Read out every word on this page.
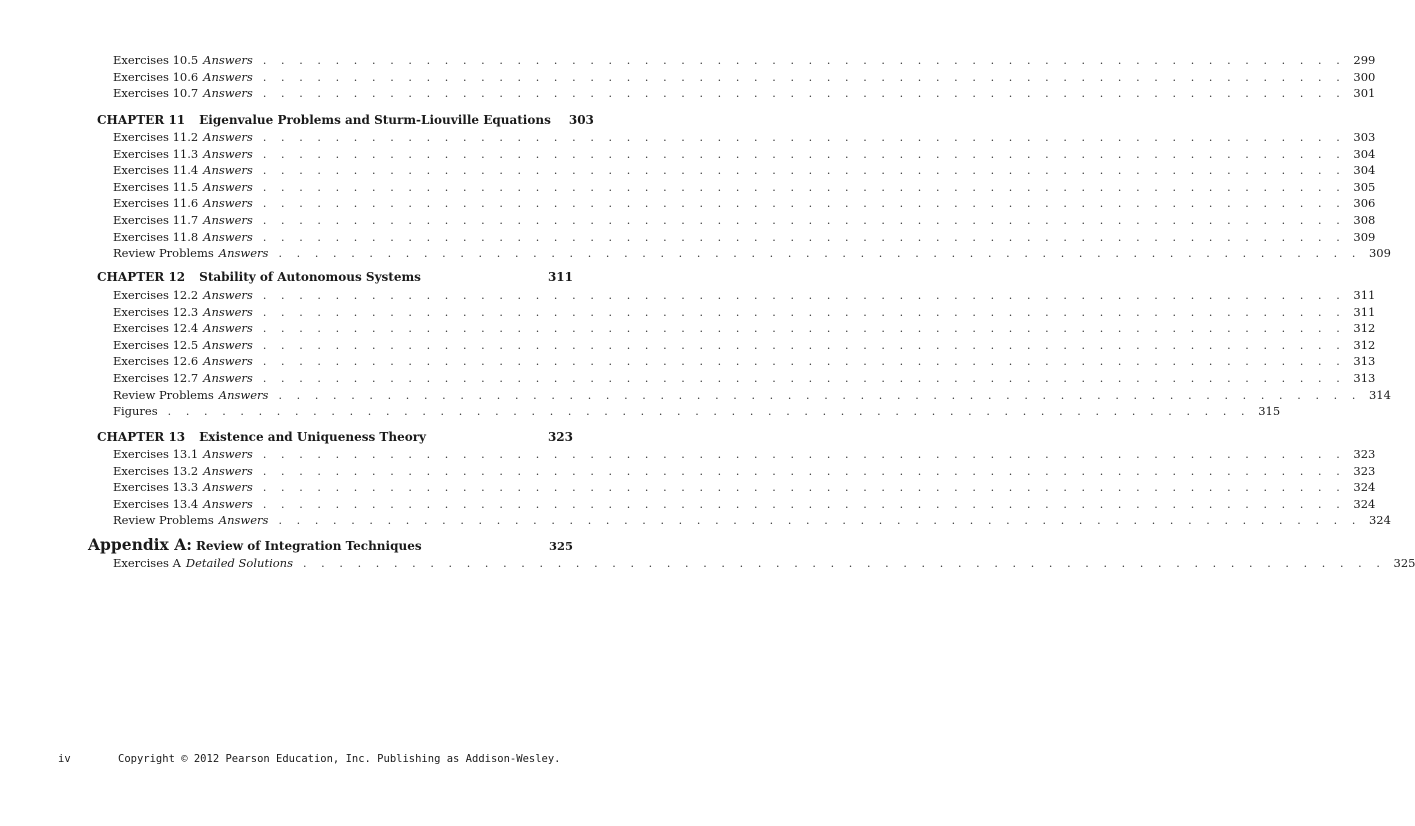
Exercises 10.5 Answers . . . . . . . . . . . . . . . . . . . . . . . . . . . . . . . . . . . . . . . . . . . . . . . . . . . . . . . . . . . . 299
Exercises 10.6 Answers . . . . . . . . . . . . . . . . . . . . . . . . . . . . . . . . . . . . . . . . . . . . . . . . . . . . . . . . . . . . 300
Exercises 10.7 Answers . . . . . . . . . . . . . . . . . . . . . . . . . . . . . . . . . . . . . . . . . . . . . . . . . . . . . . . . . . . . 301
CHAPTER 11 Eigenvalue Problems and Sturm-Liouville Equations 303
Exercises 11.2 Answers . . . . . . . . . . . . . . . . . . . . . . . . . . . . . . . . . . . . . . . . . . . . . . . . . . . . . . . . . . . . 303
Exercises 11.3 Answers . . . . . . . . . . . . . . . . . . . . . . . . . . . . . . . . . . . . . . . . . . . . . . . . . . . . . . . . . . . . 304
Exercises 11.4 Answers . . . . . . . . . . . . . . . . . . . . . . . . . . . . . . . . . . . . . . . . . . . . . . . . . . . . . . . . . . . . 304
Exercises 11.5 Answers . . . . . . . . . . . . . . . . . . . . . . . . . . . . . . . . . . . . . . . . . . . . . . . . . . . . . . . . . . . . 305
Exercises 11.6 Answers . . . . . . . . . . . . . . . . . . . . . . . . . . . . . . . . . . . . . . . . . . . . . . . . . . . . . . . . . . . . 306
Exercises 11.7 Answers . . . . . . . . . . . . . . . . . . . . . . . . . . . . . . . . . . . . . . . . . . . . . . . . . . . . . . . . . . . . 308
Exercises 11.8 Answers . . . . . . . . . . . . . . . . . . . . . . . . . . . . . . . . . . . . . . . . . . . . . . . . . . . . . . . . . . . . 309
Review Problems Answers . . . . . . . . . . . . . . . . . . . . . . . . . . . . . . . . . . . . . . . . . . . . . . . . . . . . . . . . . . . . 309
CHAPTER 12 Stability of Autonomous Systems	311
Exercises 12.2 Answers . . . . . . . . . . . . . . . . . . . . . . . . . . . . . . . . . . . . . . . . . . . . . . . . . . . . . . . . . . . . 311
Exercises 12.3 Answers . . . . . . . . . . . . . . . . . . . . . . . . . . . . . . . . . . . . . . . . . . . . . . . . . . . . . . . . . . . . 311
Exercises 12.4 Answers . . . . . . . . . . . . . . . . . . . . . . . . . . . . . . . . . . . . . . . . . . . . . . . . . . . . . . . . . . . . 312
Exercises 12.5 Answers . . . . . . . . . . . . . . . . . . . . . . . . . . . . . . . . . . . . . . . . . . . . . . . . . . . . . . . . . . . . 312
Exercises 12.6 Answers . . . . . . . . . . . . . . . . . . . . . . . . . . . . . . . . . . . . . . . . . . . . . . . . . . . . . . . . . . . . 313
Exercises 12.7 Answers . . . . . . . . . . . . . . . . . . . . . . . . . . . . . . . . . . . . . . . . . . . . . . . . . . . . . . . . . . . . 313
Review Problems Answers . . . . . . . . . . . . . . . . . . . . . . . . . . . . . . . . . . . . . . . . . . . . . . . . . . . . . . . . . . . . 314
Figures . . . . . . . . . . . . . . . . . . . . . . . . . . . . . . . . . . . . . . . . . . . . . . . . . . . . . . . . . . . . 315
CHAPTER 13 Existence and Uniqueness Theory	323
Exercises 13.1 Answers . . . . . . . . . . . . . . . . . . . . . . . . . . . . . . . . . . . . . . . . . . . . . . . . . . . . . . . . . . . . 323
Exercises 13.2 Answers . . . . . . . . . . . . . . . . . . . . . . . . . . . . . . . . . . . . . . . . . . . . . . . . . . . . . . . . . . . . 323
Exercises 13.3 Answers . . . . . . . . . . . . . . . . . . . . . . . . . . . . . . . . . . . . . . . . . . . . . . . . . . . . . . . . . . . . 324
Exercises 13.4 Answers . . . . . . . . . . . . . . . . . . . . . . . . . . . . . . . . . . . . . . . . . . . . . . . . . . . . . . . . . . . . 324
Review Problems Answers . . . . . . . . . . . . . . . . . . . . . . . . . . . . . . . . . . . . . . . . . . . . . . . . . . . . . . . . . . . . 324
Appendix A: Review of Integration Techniques	325
Exercises A Detailed Solutions . . . . . . . . . . . . . . . . . . . . . . . . . . . . . . . . . . . . . . . . . . . . . . . . . . . . . . . . . . . . 325
iv	Copyright © 2012 Pearson Education, Inc. Publishing as Addison-Wesley.
